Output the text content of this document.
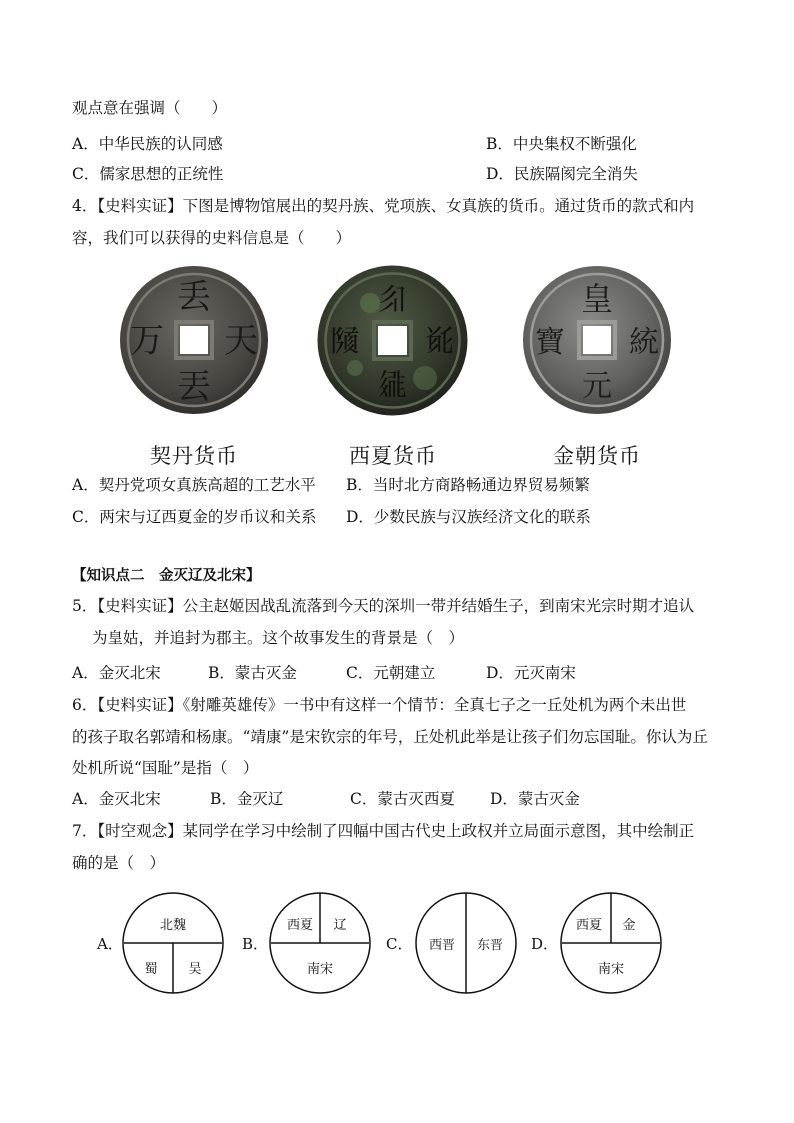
观点意在强调（　　）
A．中华民族的认同感	B．中央集权不断强化
C．儒家思想的正统性	D．民族隔阂完全消失
4．【史料实证】下图是博物馆展出的契丹族、党项族、女真族的货币。通过货币的款式和内
容，我们可以获得的史料信息是（　　）
丢
天
丟
万
契丹货币
𗼃
𘍞
𗧓
𗂧
西夏货币
皇
統
元
寶
金朝货币
A．契丹党项女真族高超的工艺水平 B．当时北方商路畅通边界贸易频繁
C．两宋与辽西夏金的岁币议和关系 D．少数民族与汉族经济文化的联系
【知识点二　金灭辽及北宋】
5．【史料实证】公主赵姬因战乱流落到今天的深圳一带并结婚生子，到南宋光宗时期才追认
为皇姑，并追封为郡主。这个故事发生的背景是（　）
A．金灭北宋	B．蒙古灭金	C．元朝建立	D．元灭南宋
6．【史料实证】《射雕英雄传》一书中有这样一个情节：全真七子之一丘处机为两个未出世
的孩子取名郭靖和杨康。“靖康”是宋钦宗的年号，丘处机此举是让孩子们勿忘国耻。你认为丘
处机所说“国耻”是指（　）
A．金灭北宋	B．金灭辽	C．蒙古灭西夏 D．蒙古灭金
7．【时空观念】某同学在学习中绘制了四幅中国古代史上政权并立局面示意图，其中绘制正
确的是（　）
A．
北魏
蜀 吴
B．
西夏 辽
南宋
C． 西晋 东晋 D．
西夏 金
南宋
